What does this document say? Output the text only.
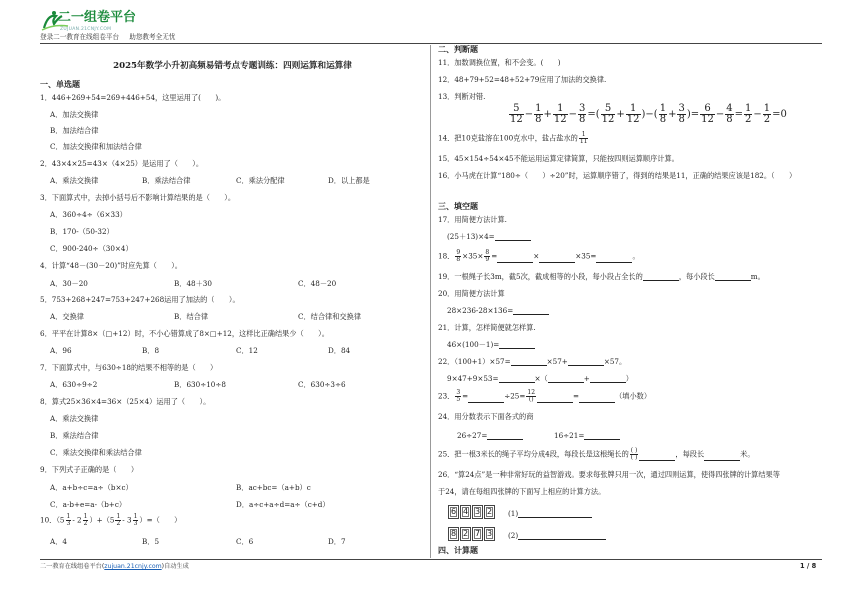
二一组卷平台
ZUJUAN.21CNJY.COM
登录二一教育在线组卷平台 助您教考全无忧
2025年数学小升初高频易错考点专题训练：四则运算和运算律
一、单选题
1．446+269+54=269+446+54，这里运用了(　　)。
A．加法交换律
B．加法结合律
C．加法交换律和加法结合律
2．43×4×25=43×（4×25）是运用了（　　）。
A．乘法交换律	B．乘法结合律	C．乘法分配律	D．以上都是
3．下面算式中，去掉小括号后不影响计算结果的是（　　）。
A．360÷4÷（6×33）
B．170-（50-32）
C．900-240÷（30×4）
4．计算“48－(30－20)”时应先算（　　）。
A．30－20	B．48＋30	C．48－20
5．753+268+247=753+247+268运用了加法的（　　）。
A．交换律	B．结合律	C．结合律和交换律
6．平平在计算8×（□+12）时，不小心错算成了8×□+12，这样比正确结果少（　　）。
A．96	B．8	C．12	D．84
7．下面算式中，与630÷18的结果不相等的是（　　）
A．630÷9÷2	B．630÷10÷8	C．630÷3÷6
8．算式25×36×4=36×（25×4）运用了（　　）。
A．乘法交换律
B．乘法结合律
C．乘法交换律和乘法结合律
9．下列式子正确的是（　　）
A．a+b÷c=a÷（b×c）	B．ac+bc=（a+b）c
C．a-b+e=a-（b+c）	D．a÷c+a÷d=a÷（c+d）
10．$(5 \frac{1}{3} - 2 \frac{1}{2} )+(5 \frac{1}{2} - 3 \frac{1}{3}$ ）=（　　）
A．4	B．5	C．6	D．7
二、判断题
11．加数调换位置，和不会变。(　　)
12．48+79+52=48+52+79应用了加法的交换律.
13．判断对错.
$\frac{5}{12} - \frac{1}{8} + \frac{1}{12} - \frac{3}{8}$ =( $\frac{5}{12} + \frac{1}{12}$ )−( $\frac{1}{8} + \frac{3}{8}$ )= $\frac{6}{12} - \frac{4}{8} = \frac{1}{2} - \frac{1}{2} =0$
14．把10克盐溶在100克水中，盐占盐水的 $\frac{1}{11}$
15．45×154÷54×45不能运用运算定律简算，只能按四则运算顺序计算。
16．小马虎在计算“180÷（　　）÷20”时，运算顺序错了，得到的结果是11，正确的结果应该是182。（　　）
三、填空题
17．用简便方法计算.
(25＋13)×4=
18． $\frac{9}{8} \times 35\times \frac{8}{9}$ =	×	×35=	。
19．一根绳子长3m，截5次，截成相等的小段，每小段占全长的	，每小段长	m。
20．用简便方法计算
28×236-28×136=
21．计算，怎样简便就怎样算.
46×(100－1)=
22．（100+1）×57=	×57+	×57。
9×47+9×53=	×（	+	）
23． $\frac{3}{5}$ =	÷25= 12
()	=	（填小数）
24．用分数表示下面各式的商
26÷27=	16÷21=
25．把一根3米长的绳子平均分成4段，每段长是这根绳长的 ( )
( )	，每段长	米。
26．“算24点”是一种非常好玩的益智游戏。要求每张牌只用一次，通过四则运算，使得四张牌的计算结果等
于24，请在每组四张牌的下面写上相应的计算方法。
6 4 3 2	(1)
8 2 7 3	(2)
四、计算题
二一教育在线组卷平台(zujuan.21cnjy.com)自动生成	1 / 8
